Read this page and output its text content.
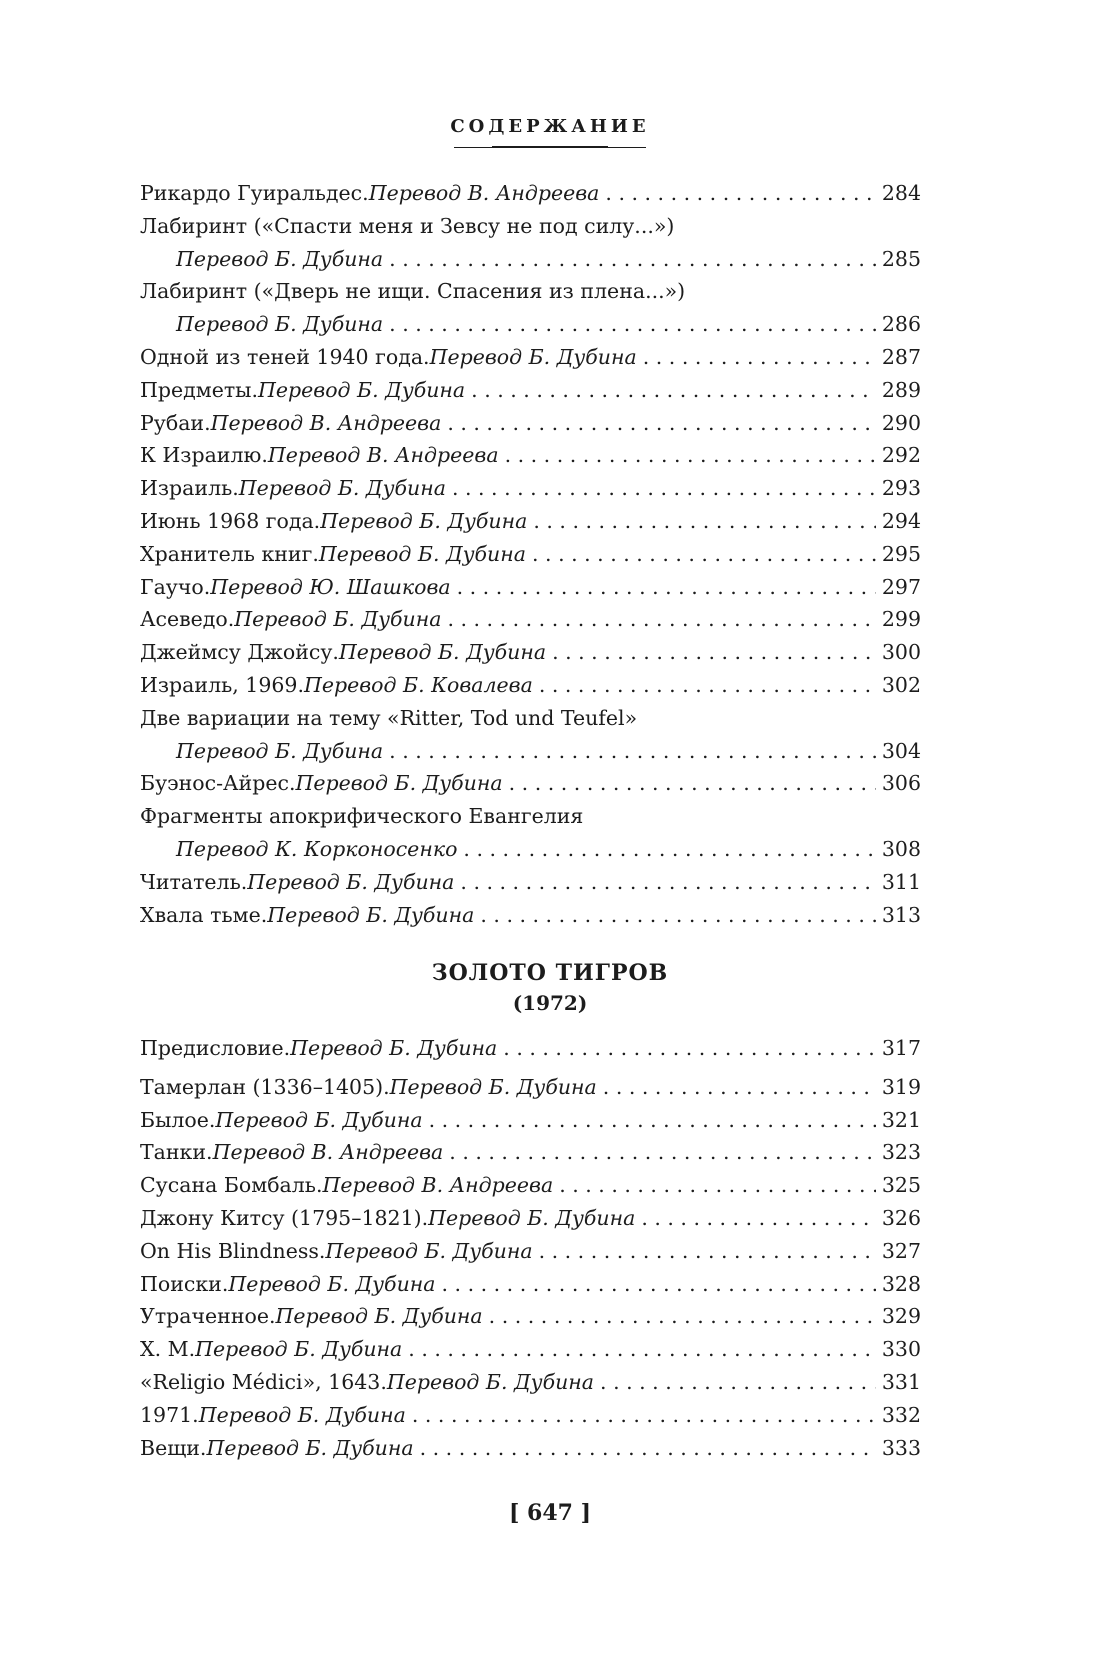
СОДЕРЖАНИЕ
Рикардо Гуиральдес. Перевод В. Андреева . . .	284
Лабиринт («Спасти меня и Зевсу не под силу...»)
Перевод Б. Дубина . . .	285
Лабиринт («Дверь не ищи. Спасения из плена...»)
Перевод Б. Дубина . . .	286
Одной из теней 1940 года. Перевод Б. Дубина . . .	287
Предметы. Перевод Б. Дубина . . .	289
Рубаи. Перевод В. Андреева . . .	290
К Израилю. Перевод В. Андреева . . .	292
Израиль. Перевод Б. Дубина . . .	293
Июнь 1968 года. Перевод Б. Дубина . . .	294
Хранитель книг. Перевод Б. Дубина . . .	295
Гаучо. Перевод Ю. Шашкова . . .	297
Асеведо. Перевод Б. Дубина . . .	299
Джеймсу Джойсу. Перевод Б. Дубина . . .	300
Израиль, 1969. Перевод Б. Ковалева . . .	302
Две вариации на тему «Ritter, Tod und Teufel»
Перевод Б. Дубина . . .	304
Буэнос-Айрес. Перевод Б. Дубина . . .	306
Фрагменты апокрифического Евангелия
Перевод К. Корконосенко . . .	308
Читатель. Перевод Б. Дубина . . .	311
Хвала тьме. Перевод Б. Дубина . . .	313
ЗОЛОТО ТИГРОВ
(1972)
Предисловие. Перевод Б. Дубина . . .	317
Тамерлан (1336–1405). Перевод Б. Дубина . . .	319
Былое. Перевод Б. Дубина . . .	321
Танки. Перевод В. Андреева . . .	323
Сусана Бомбаль. Перевод В. Андреева . . .	325
Джону Китсу (1795–1821). Перевод Б. Дубина . . .	326
On His Blindness. Перевод Б. Дубина . . .	327
Поиски. Перевод Б. Дубина . . .	328
Утраченное. Перевод Б. Дубина . . .	329
Х. М. Перевод Б. Дубина . . .	330
«Religio Médici», 1643. Перевод Б. Дубина . . .	331
1971. Перевод Б. Дубина . . .	332
Вещи. Перевод Б. Дубина . . .	333
[ 647 ]
